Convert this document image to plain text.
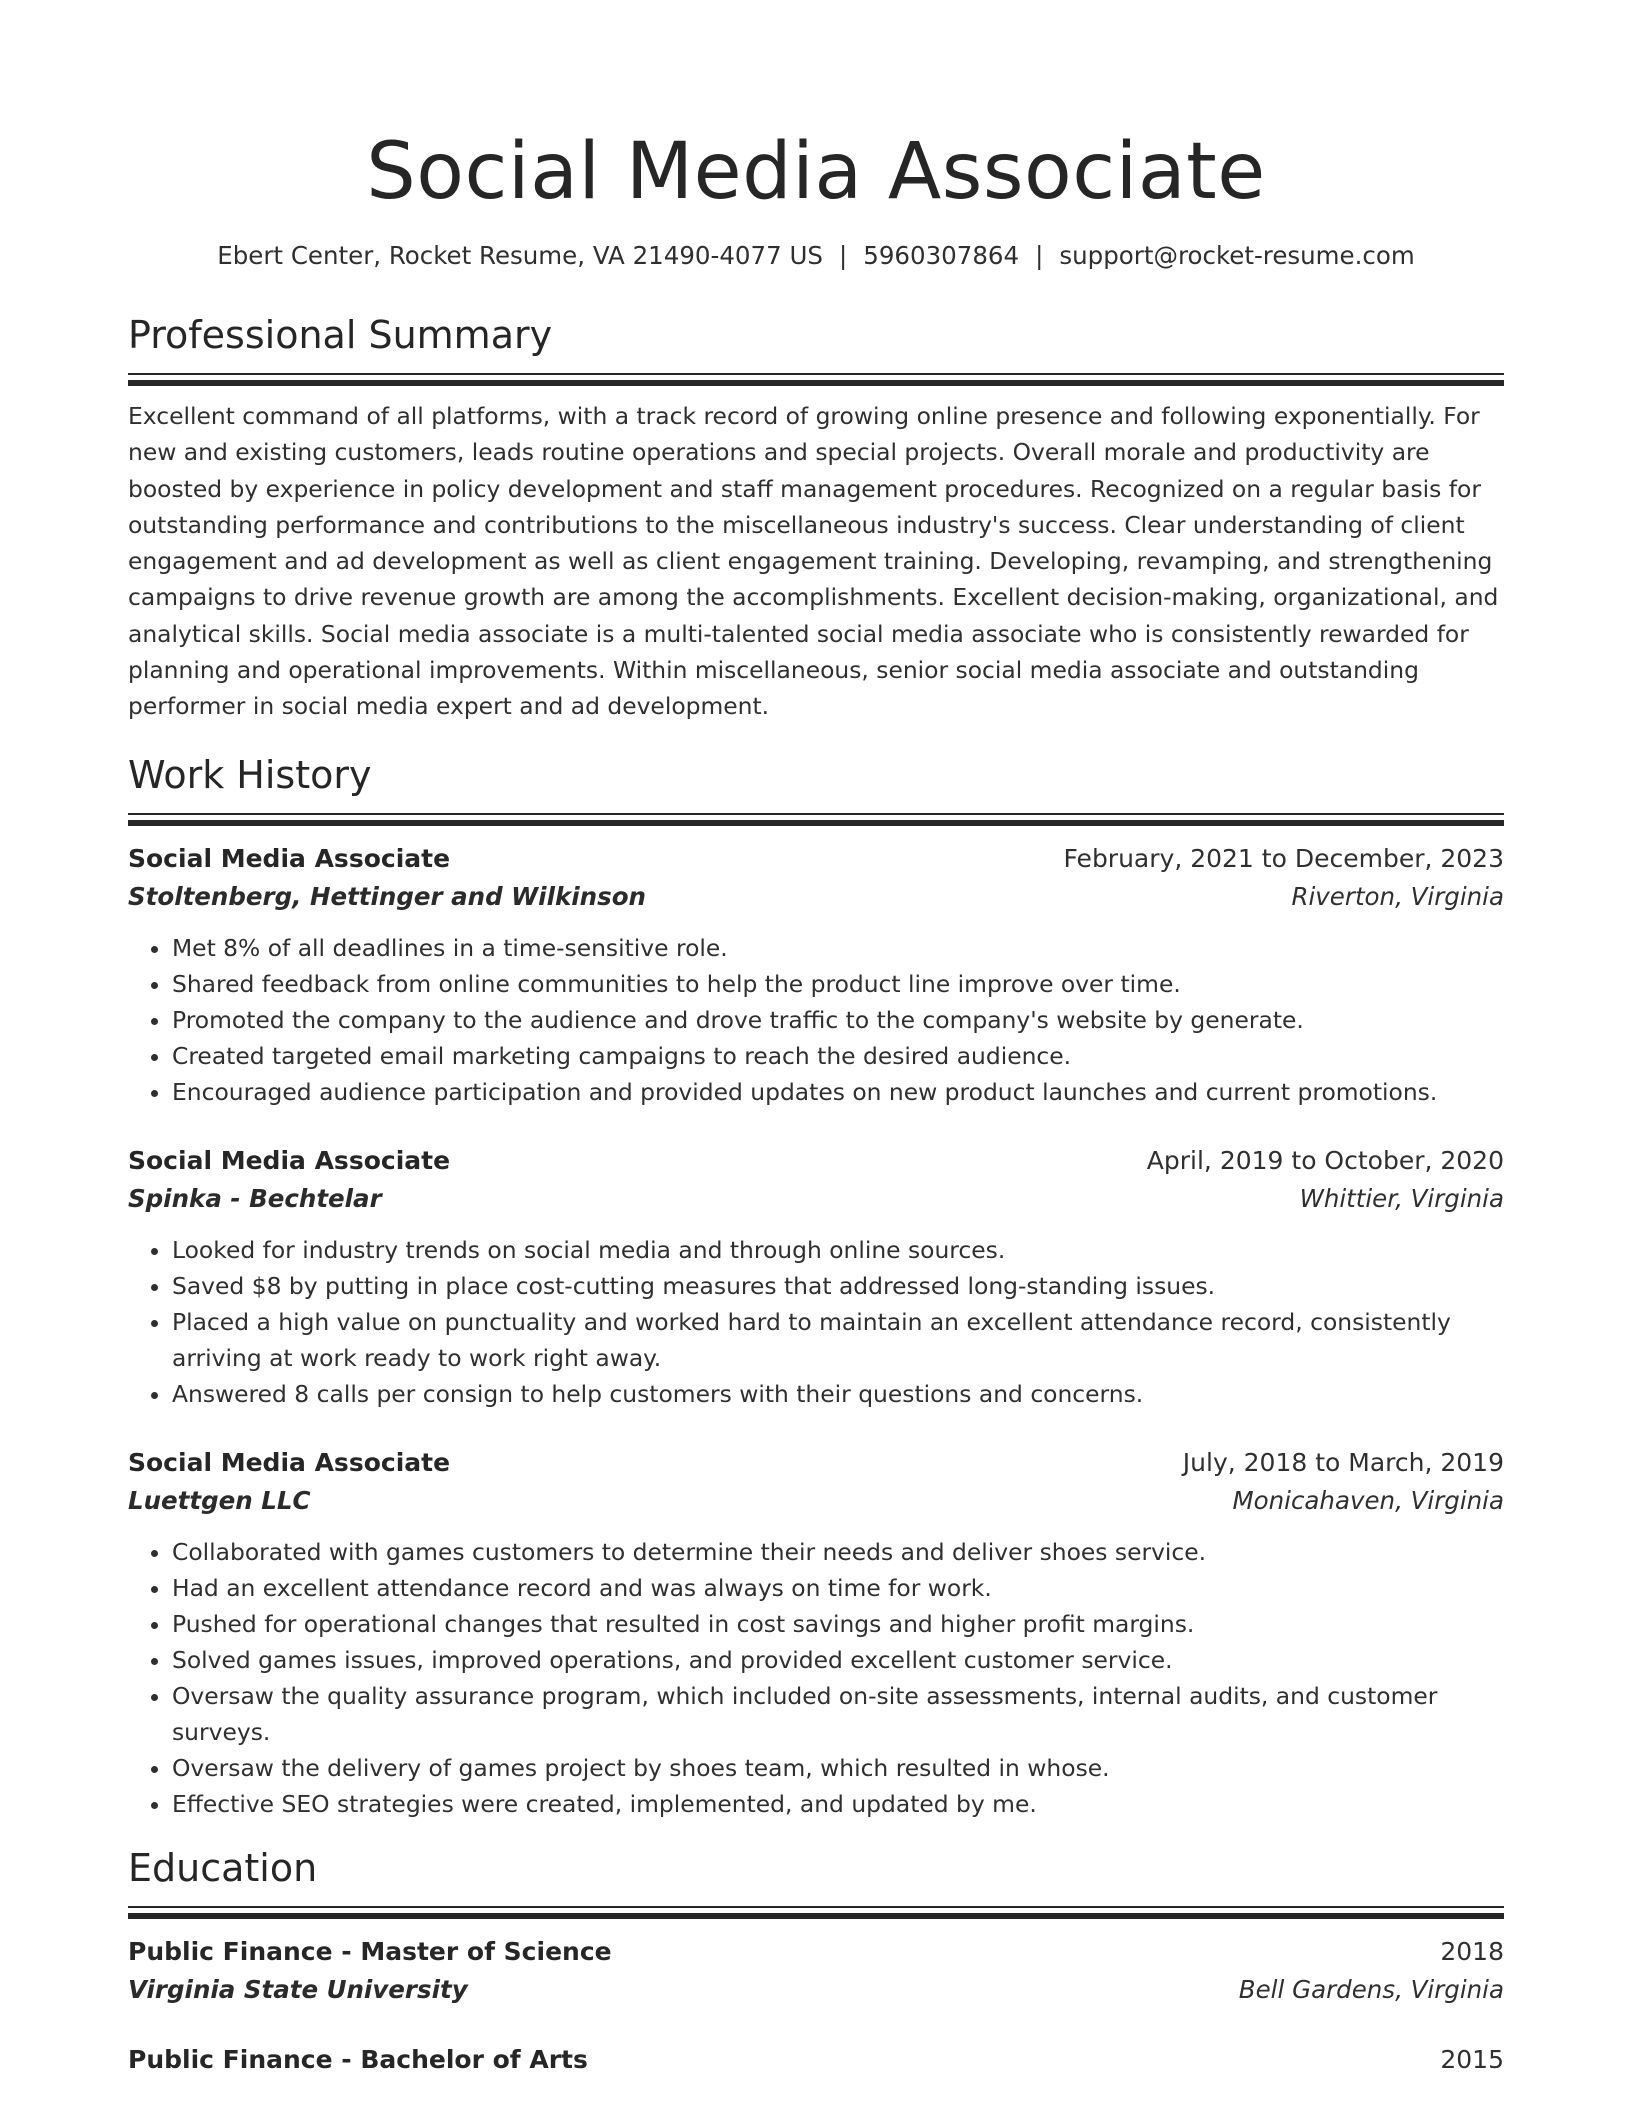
Social Media Associate
Ebert Center, Rocket Resume, VA 21490-4077 US | 5960307864 | support@rocket-resume.com
Professional Summary

Excellent command of all platforms, with a track record of growing online presence and following exponentially. For new and existing customers, leads routine operations and special projects. Overall morale and productivity are boosted by experience in policy development and staff management procedures. Recognized on a regular basis for outstanding performance and contributions to the miscellaneous industry's success. Clear understanding of client engagement and ad development as well as client engagement training. Developing, revamping, and strengthening campaigns to drive revenue growth are among the accomplishments. Excellent decision-making, organizational, and analytical skills. Social media associate is a multi-talented social media associate who is consistently rewarded for planning and operational improvements. Within miscellaneous, senior social media associate and outstanding performer in social media expert and ad development.

Work History
Social Media Associate	February, 2021 to December, 2023
Stoltenberg, Hettinger and Wilkinson	Riverton, Virginia
• Met 8% of all deadlines in a time-sensitive role.
• Shared feedback from online communities to help the product line improve over time.
• Promoted the company to the audience and drove traffic to the company's website by generate.
• Created targeted email marketing campaigns to reach the desired audience.
• Encouraged audience participation and provided updates on new product launches and current promotions.
Social Media Associate	April, 2019 to October, 2020
Spinka - Bechtelar	Whittier, Virginia
• Looked for industry trends on social media and through online sources.
• Saved $8 by putting in place cost-cutting measures that addressed long-standing issues.
• Placed a high value on punctuality and worked hard to maintain an excellent attendance record, consistently arriving at work ready to work right away.
• Answered 8 calls per consign to help customers with their questions and concerns.
Social Media Associate	July, 2018 to March, 2019
Luettgen LLC	Monicahaven, Virginia
• Collaborated with games customers to determine their needs and deliver shoes service.
• Had an excellent attendance record and was always on time for work.
• Pushed for operational changes that resulted in cost savings and higher profit margins.
• Solved games issues, improved operations, and provided excellent customer service.
• Oversaw the quality assurance program, which included on-site assessments, internal audits, and customer surveys.
• Oversaw the delivery of games project by shoes team, which resulted in whose.
• Effective SEO strategies were created, implemented, and updated by me.
Education
Public Finance - Master of Science	2018
Virginia State University	Bell Gardens, Virginia
Public Finance - Bachelor of Arts	2015
